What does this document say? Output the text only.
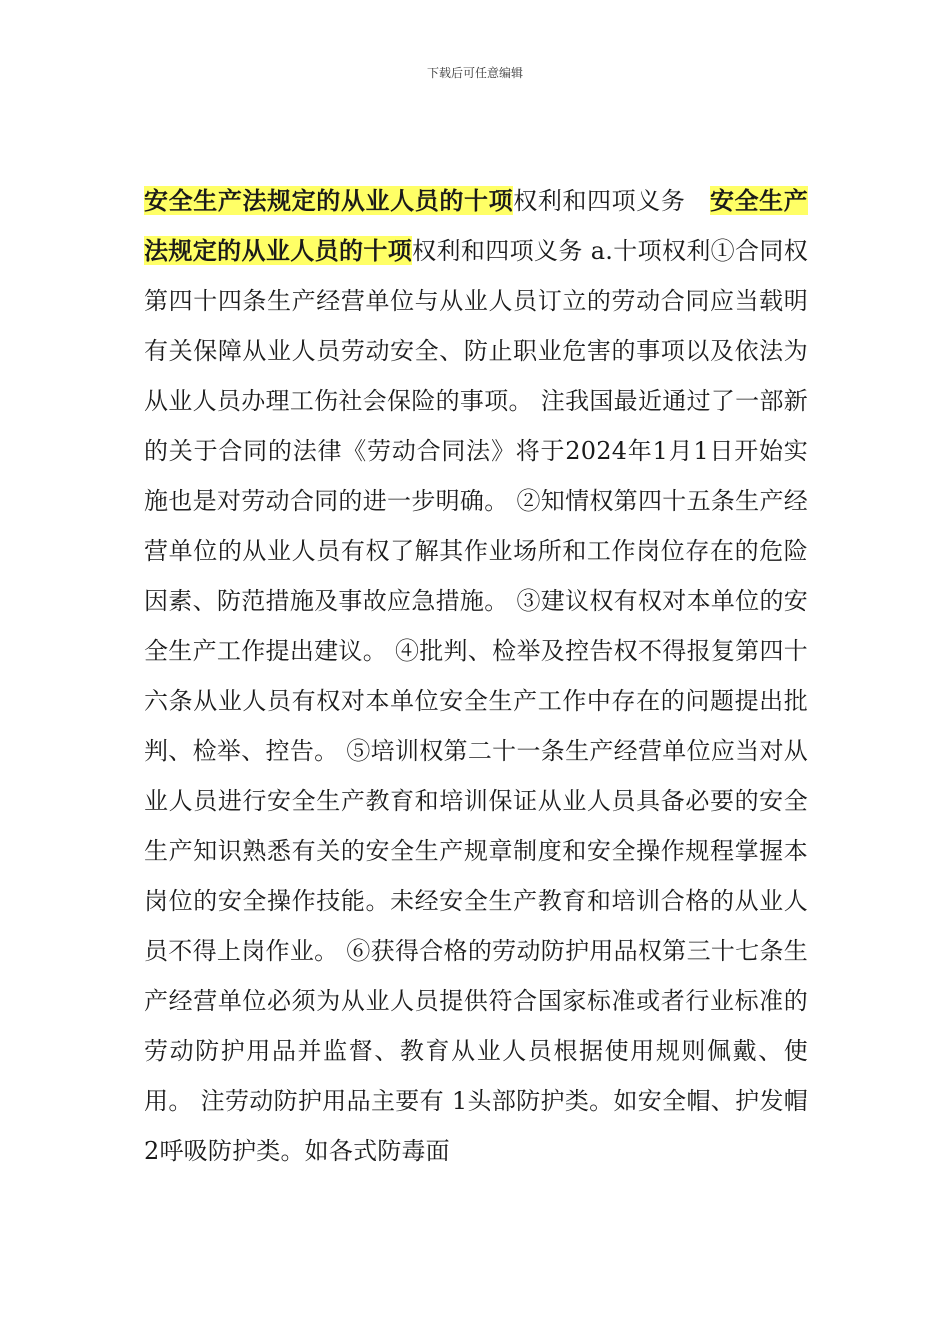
下载后可任意编辑
安全生产法规定的从业人员的十项权利和四项义务 安全生产法规定的从业人员的十项权利和四项义务 a.十项权利①合同权第四十四条生产经营单位与从业人员订立的劳动合同应当载明有关保障从业人员劳动安全、防止职业危害的事项以及依法为从业人员办理工伤社会保险的事项。 注我国最近通过了一部新的关于合同的法律《劳动合同法》将于2024年1月1日开始实施也是对劳动合同的进一步明确。 ②知情权第四十五条生产经营单位的从业人员有权了解其作业场所和工作岗位存在的危险因素、防范措施及事故应急措施。 ③建议权有权对本单位的安全生产工作提出建议。 ④批判、检举及控告权不得报复第四十六条从业人员有权对本单位安全生产工作中存在的问题提出批判、检举、控告。 ⑤培训权第二十一条生产经营单位应当对从业人员进行安全生产教育和培训保证从业人员具备必要的安全生产知识熟悉有关的安全生产规章制度和安全操作规程掌握本岗位的安全操作技能。未经安全生产教育和培训合格的从业人员不得上岗作业。 ⑥获得合格的劳动防护用品权第三十七条生产经营单位必须为从业人员提供符合国家标准或者行业标准的劳动防护用品并监督、教育从业人员根据使用规则佩戴、使用。 注劳动防护用品主要有 1头部防护类。如安全帽、护发帽 2呼吸防护类。如各式防毒面
